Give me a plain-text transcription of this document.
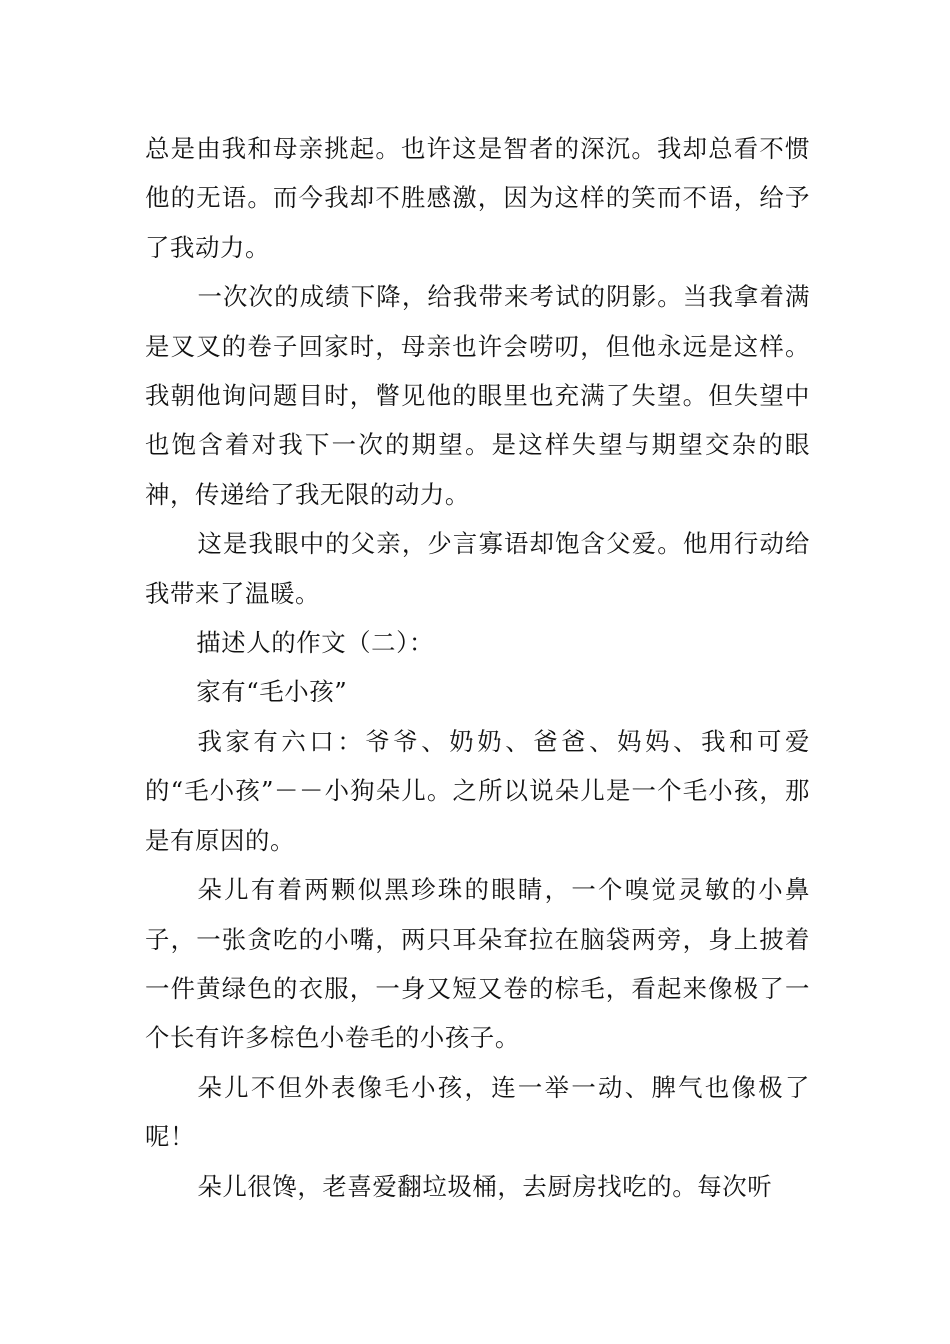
总是由我和母亲挑起。也许这是智者的深沉。我却总看不惯他的无语。而今我却不胜感激，因为这样的笑而不语，给予了我动力。

一次次的成绩下降，给我带来考试的阴影。当我拿着满是叉叉的卷子回家时，母亲也许会唠叨，但他永远是这样。我朝他询问题目时，瞥见他的眼里也充满了失望。但失望中也饱含着对我下一次的期望。是这样失望与期望交杂的眼神，传递给了我无限的动力。

这是我眼中的父亲，少言寡语却饱含父爱。他用行动给我带来了温暖。

描述人的作文（二）：

家有“毛小孩”

我家有六口：爷爷、奶奶、爸爸、妈妈、我和可爱的“毛小孩”－－小狗朵儿。之所以说朵儿是一个毛小孩，那是有原因的。

朵儿有着两颗似黑珍珠的眼睛，一个嗅觉灵敏的小鼻子，一张贪吃的小嘴，两只耳朵耷拉在脑袋两旁，身上披着一件黄绿色的衣服，一身又短又卷的棕毛，看起来像极了一个长有许多棕色小卷毛的小孩子。

朵儿不但外表像毛小孩，连一举一动、脾气也像极了呢！

朵儿很馋，老喜爱翻垃圾桶，去厨房找吃的。每次听
